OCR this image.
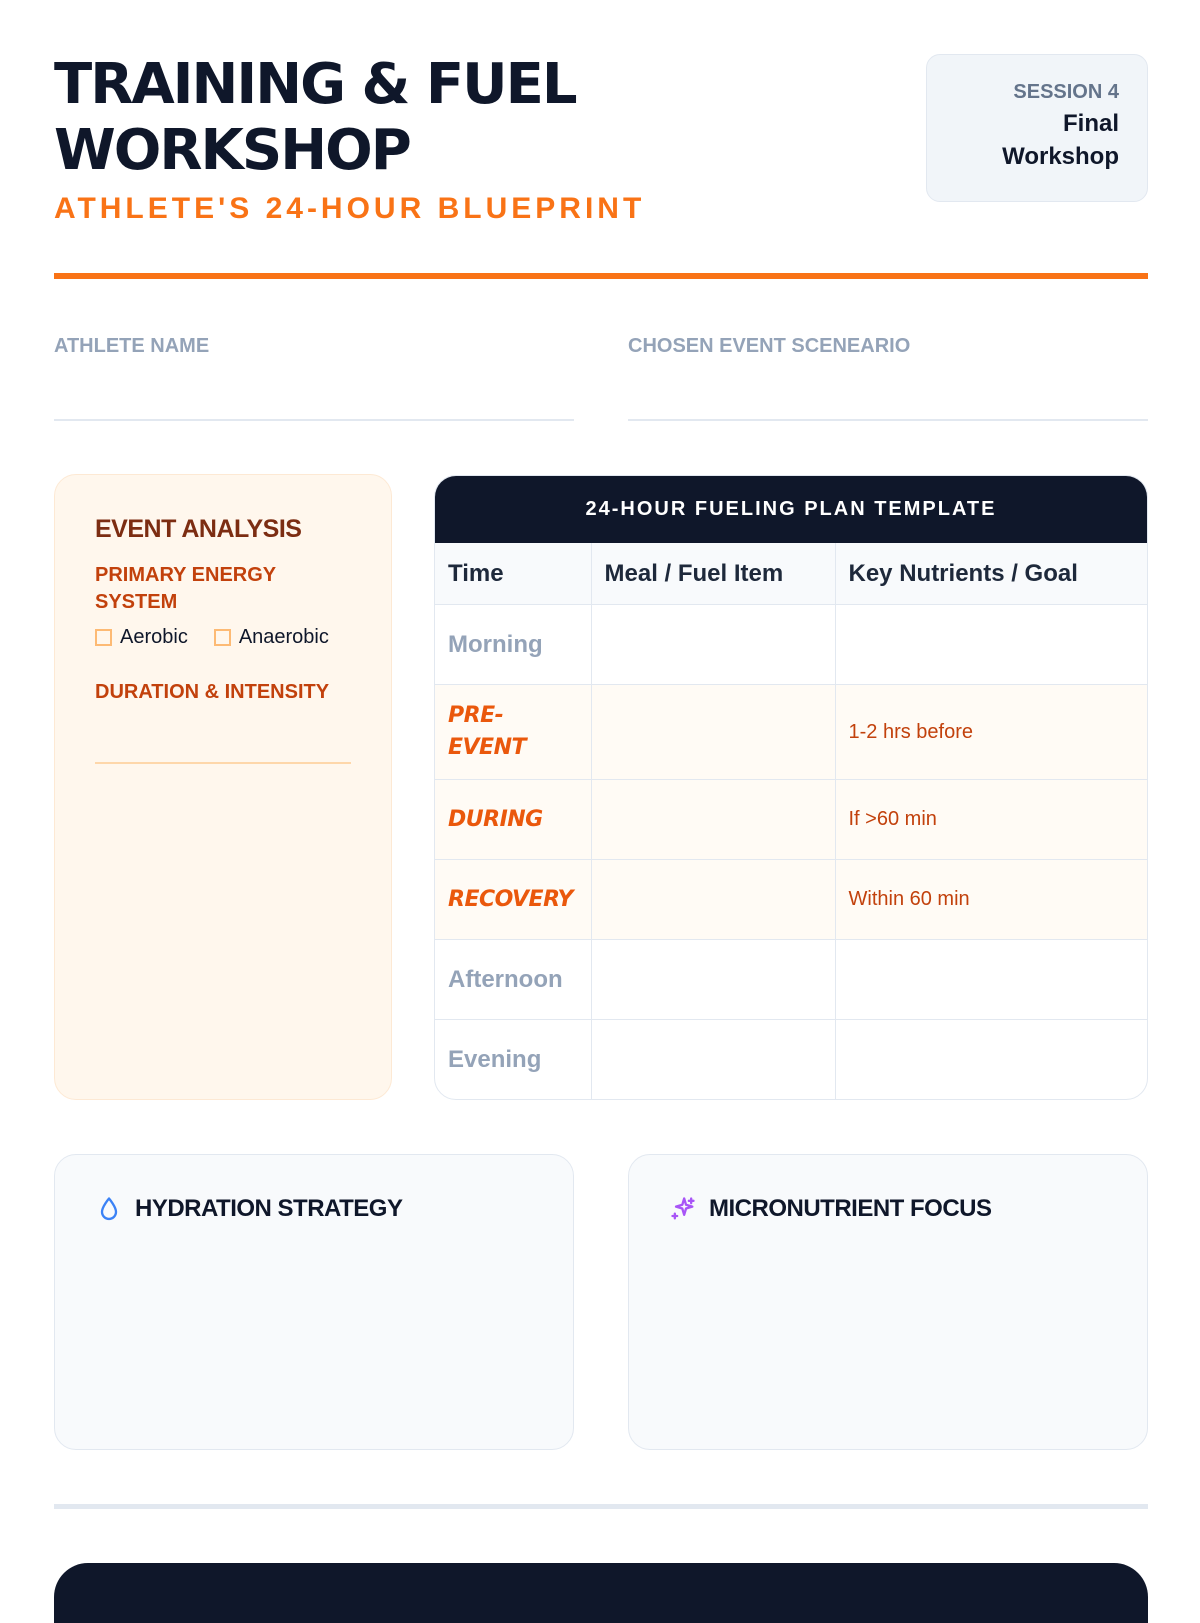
TRAINING & FUEL
WORKSHOP
ATHLETE'S 24-HOUR BLUEPRINT
SESSION 4
Final Workshop
ATHLETE NAME	CHOSEN EVENT SCENEARIO
EVENT ANALYSIS
PRIMARY ENERGY SYSTEM
Aerobic	Anaerobic
DURATION & INTENSITY
24-HOUR FUELING PLAN TEMPLATE
Time	Meal / Fuel Item	Key Nutrients / Goal
Morning		
PRE-EVENT		1-2 hrs before
DURING		If >60 min
RECOVERY		Within 60 min
Afternoon		
Evening		
HYDRATION STRATEGY	MICRONUTRIENT FOCUS
